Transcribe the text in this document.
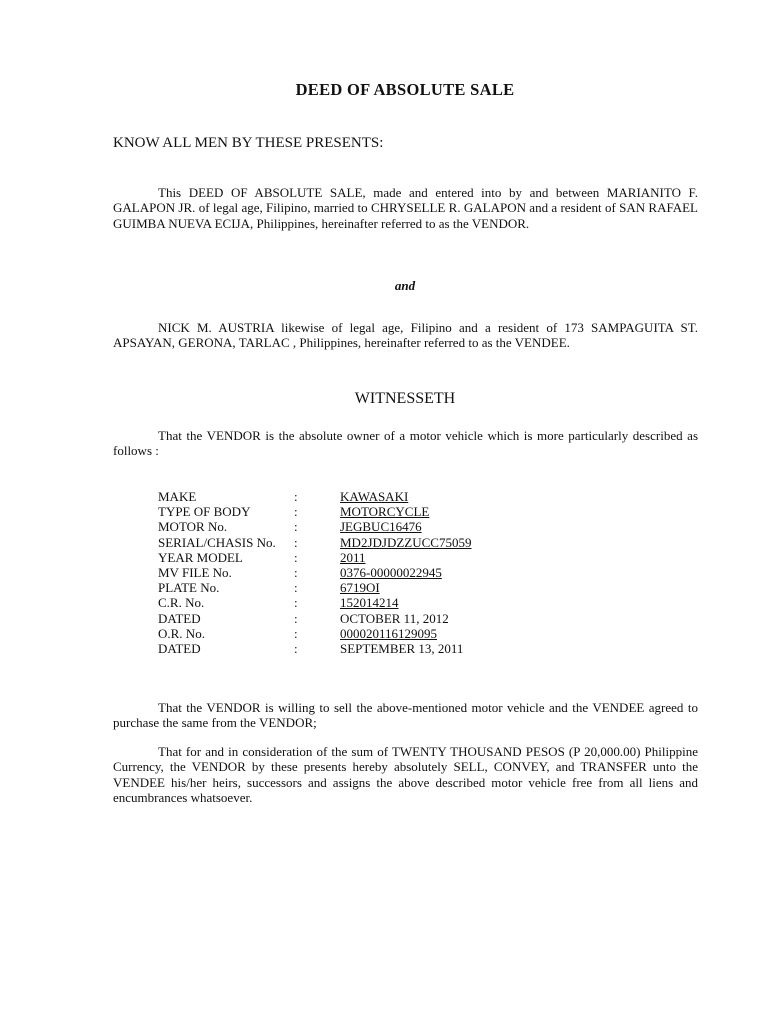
DEED OF ABSOLUTE SALE
KNOW ALL MEN BY THESE PRESENTS:
This DEED OF ABSOLUTE SALE, made and entered into by and between MARIANITO F. GALAPON JR. of legal age, Filipino, married to CHRYSELLE R. GALAPON and a resident of SAN RAFAEL GUIMBA NUEVA ECIJA, Philippines, hereinafter referred to as the VENDOR.
and
NICK M. AUSTRIA likewise of legal age, Filipino and a resident of 173 SAMPAGUITA ST. APSAYAN, GERONA, TARLAC , Philippines, hereinafter referred to as the VENDEE.
WITNESSETH
That the VENDOR is the absolute owner of a motor vehicle which is more particularly described as follows :
MAKE	:	KAWASAKI
TYPE OF BODY	:	MOTORCYCLE
MOTOR No.	:	JEGBUC16476
SERIAL/CHASIS No. :	MD2JDJDZZUCC75059
YEAR MODEL	:	2011
MV FILE No.	:	0376-00000022945
PLATE No.	:	6719OI
C.R. No.	:	152014214
DATED	:	OCTOBER 11, 2012
O.R. No.	:	000020116129095
DATED	:	SEPTEMBER 13, 2011
That the VENDOR is willing to sell the above-mentioned motor vehicle and the VENDEE agreed to purchase the same from the VENDOR;
That for and in consideration of the sum of TWENTY THOUSAND PESOS (P 20,000.00) Philippine Currency, the VENDOR by these presents hereby absolutely SELL, CONVEY, and TRANSFER unto the VENDEE his/her heirs, successors and assigns the above described motor vehicle free from all liens and encumbrances whatsoever.
